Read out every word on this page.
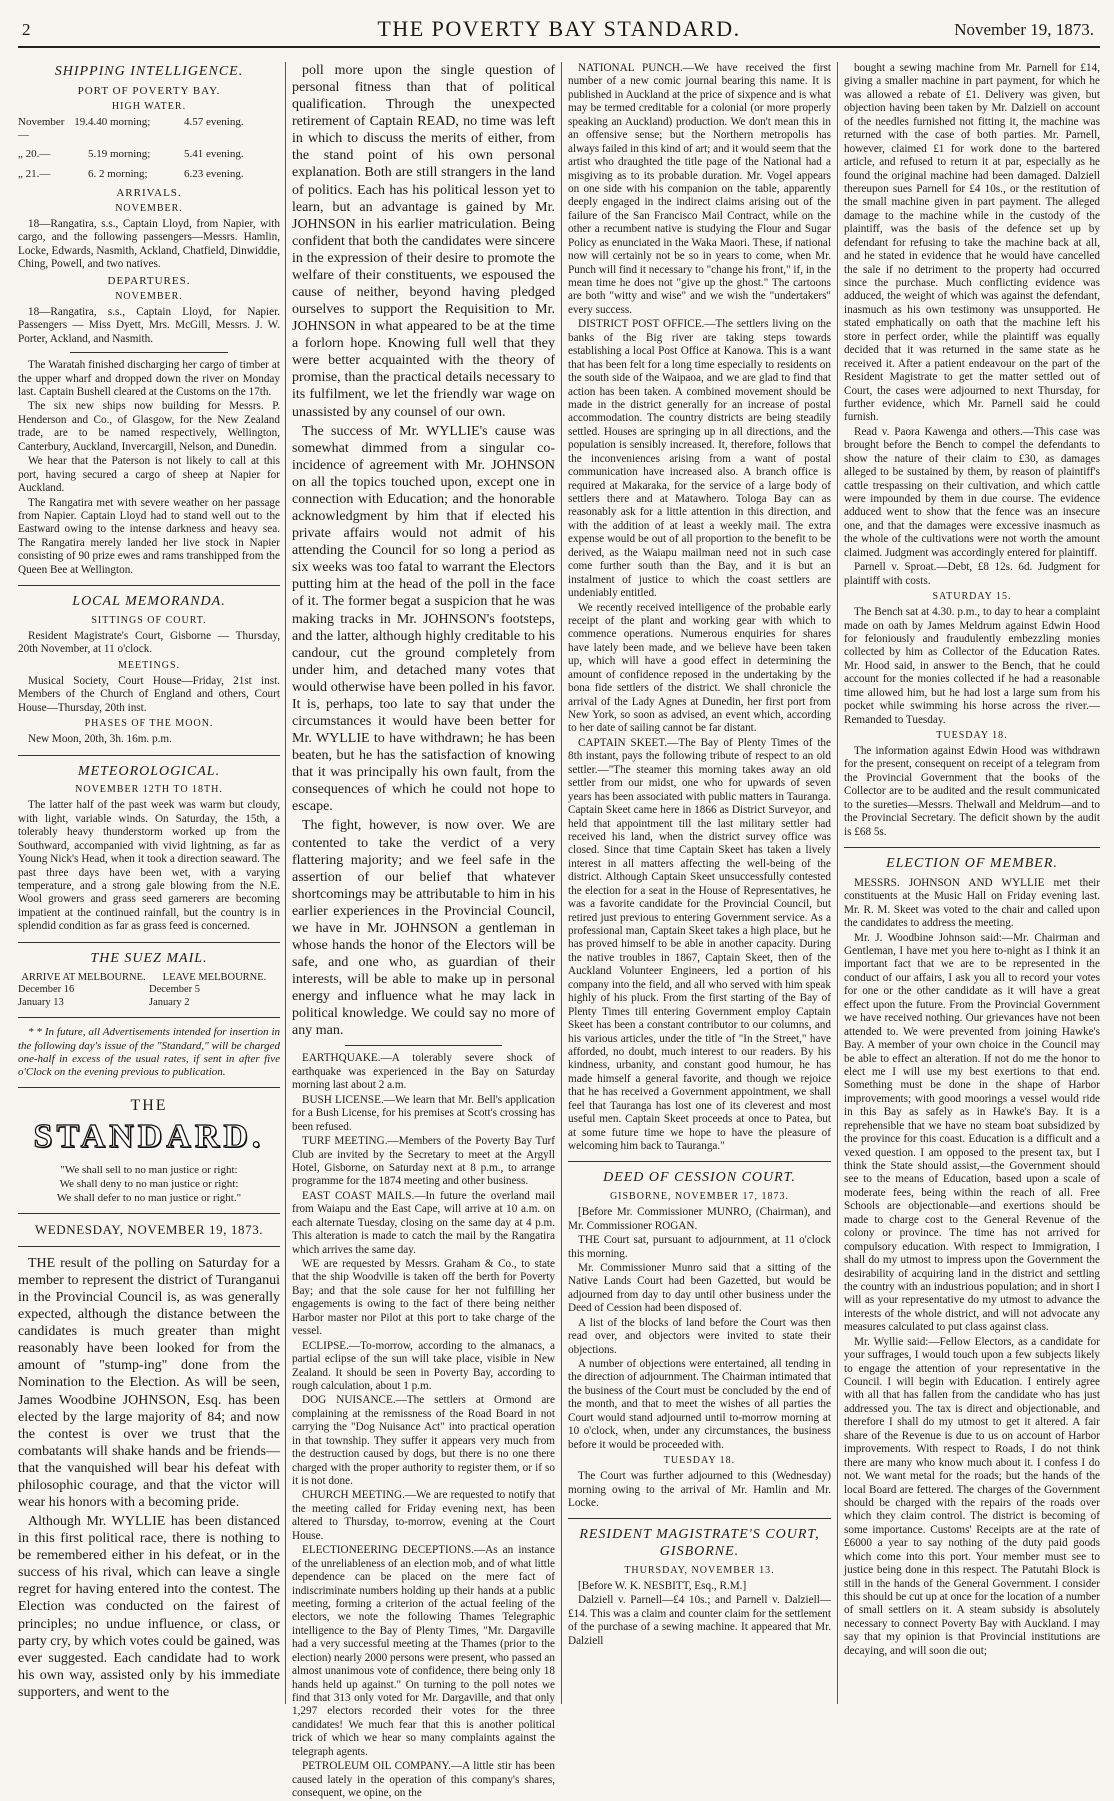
2	THE POVERTY BAY STANDARD.	November 19, 1873.
SHIPPING INTELLIGENCE.
PORT OF POVERTY BAY.
HIGH WATER.
November 19.—
4.40 morning;	4.57 evening.
„ 20.—	5.19 morning;	5.41 evening.
„ 21.—	6. 2 morning;	6.23 evening.
ARRIVALS.
NOVEMBER.

18—Rangatira, s.s., Captain Lloyd, from Napier, with cargo, and the following passengers—Messrs. Hamlin, Locke, Edwards, Nasmith, Ackland, Chatfield, Dinwiddie, Ching, Powell, and two natives.

DEPARTURES.
NOVEMBER.

18—Rangatira, s.s., Captain Lloyd, for Napier. Passengers — Miss Dyett, Mrs. McGill, Messrs. J. W. Porter, Ackland, and Nasmith.

The Waratah finished discharging her cargo of timber at the upper wharf and dropped down the river on Monday last. Captain Bushell cleared at the Customs on the 17th.

The six new ships now building for Messrs. P. Henderson and Co., of Glasgow, for the New Zealand trade, are to be named respectively, Wellington, Canterbury, Auckland, Invercargill, Nelson, and Dunedin.

We hear that the Paterson is not likely to call at this port, having secured a cargo of sheep at Napier for Auckland.

The Rangatira met with severe weather on her passage from Napier. Captain Lloyd had to stand well out to the Eastward owing to the intense darkness and heavy sea. The Rangatira merely landed her live stock in Napier consisting of 90 prize ewes and rams transhipped from the Queen Bee at Wellington.

LOCAL MEMORANDA.
SITTINGS OF COURT.

Resident Magistrate's Court, Gisborne — Thursday, 20th November, at 11 o'clock.

MEETINGS.

Musical Society, Court House—Friday, 21st inst. Members of the Church of England and others, Court House—Thursday, 20th inst.

PHASES OF THE MOON.

New Moon, 20th, 3h. 16m. p.m.

METEOROLOGICAL.
NOVEMBER 12TH TO 18TH.

The latter half of the past week was warm but cloudy, with light, variable winds. On Saturday, the 15th, a tolerably heavy thunderstorm worked up from the Southward, accompanied with vivid lightning, as far as Young Nick's Head, when it took a direction seaward. The past three days have been wet, with a varying temperature, and a strong gale blowing from the N.E. Wool growers and grass seed garnerers are becoming impatient at the continued rainfall, but the country is in splendid condition as far as grass feed is concerned.

THE SUEZ MAIL.
ARRIVE AT MELBOURNE.	LEAVE MELBOURNE.
December 16	December 5
January 13	January 2

* * In future, all Advertisements intended for insertion in the following day's issue of the "Standard," will be charged one-half in excess of the usual rates, if sent in after five o'Clock on the evening previous to publication.

THE
STANDARD.
"We shall sell to no man justice or right:
We shall deny to no man justice or right:
We shall defer to no man justice or right."
WEDNESDAY, NOVEMBER 19, 1873.

THE result of the polling on Saturday for a member to represent the district of Turanganui in the Provincial Council is, as was generally expected, although the distance between the candidates is much greater than might reasonably have been looked for from the amount of "stump-ing" done from the Nomination to the Election. As will be seen, James Woodbine JOHNSON, Esq. has been elected by the large majority of 84; and now the contest is over we trust that the combatants will shake hands and be friends—that the vanquished will bear his defeat with philosophic courage, and that the victor will wear his honors with a becoming pride.

Although Mr. WYLLIE has been distanced in this first political race, there is nothing to be remembered either in his defeat, or in the success of his rival, which can leave a single regret for having entered into the contest. The Election was conducted on the fairest of principles; no undue influence, or class, or party cry, by which votes could be gained, was ever suggested. Each candidate had to work his own way, assisted only by his immediate supporters, and went to the

poll more upon the single question of personal fitness than that of political qualification. Through the unexpected retirement of Captain READ, no time was left in which to discuss the merits of either, from the stand point of his own personal explanation. Both are still strangers in the land of politics. Each has his political lesson yet to learn, but an advantage is gained by Mr. JOHNSON in his earlier matriculation. Being confident that both the candidates were sincere in the expression of their desire to promote the welfare of their constituents, we espoused the cause of neither, beyond having pledged ourselves to support the Requisition to Mr. JOHNSON in what appeared to be at the time a forlorn hope. Knowing full well that they were better acquainted with the theory of promise, than the practical details necessary to its fulfilment, we let the friendly war wage on unassisted by any counsel of our own.

The success of Mr. WYLLIE's cause was somewhat dimmed from a singular co-incidence of agreement with Mr. JOHNSON on all the topics touched upon, except one in connection with Education; and the honorable acknowledgment by him that if elected his private affairs would not admit of his attending the Council for so long a period as six weeks was too fatal to warrant the Electors putting him at the head of the poll in the face of it. The former begat a suspicion that he was making tracks in Mr. JOHNSON's footsteps, and the latter, although highly creditable to his candour, cut the ground completely from under him, and detached many votes that would otherwise have been polled in his favor. It is, perhaps, too late to say that under the circumstances it would have been better for Mr. WYLLIE to have withdrawn; he has been beaten, but he has the satisfaction of knowing that it was principally his own fault, from the consequences of which he could not hope to escape.

The fight, however, is now over. We are contented to take the verdict of a very flattering majority; and we feel safe in the assertion of our belief that whatever shortcomings may be attributable to him in his earlier experiences in the Provincial Council, we have in Mr. JOHNSON a gentleman in whose hands the honor of the Electors will be safe, and one who, as guardian of their interests, will be able to make up in personal energy and influence what he may lack in political knowledge. We could say no more of any man.

EARTHQUAKE.—A tolerably severe shock of earthquake was experienced in the Bay on Saturday morning last about 2 a.m.

BUSH LICENSE.—We learn that Mr. Bell's application for a Bush License, for his premises at Scott's crossing has been refused.

TURF MEETING.—Members of the Poverty Bay Turf Club are invited by the Secretary to meet at the Argyll Hotel, Gisborne, on Saturday next at 8 p.m., to arrange programme for the 1874 meeting and other business.

EAST COAST MAILS.—In future the overland mail from Waiapu and the East Cape, will arrive at 10 a.m. on each alternate Tuesday, closing on the same day at 4 p.m. This alteration is made to catch the mail by the Rangatira which arrives the same day.

WE are requested by Messrs. Graham & Co., to state that the ship Woodville is taken off the berth for Poverty Bay; and that the sole cause for her not fulfilling her engagements is owing to the fact of there being neither Harbor master nor Pilot at this port to take charge of the vessel.

ECLIPSE.—To-morrow, according to the almanacs, a partial eclipse of the sun will take place, visible in New Zealand. It should be seen in Poverty Bay, according to rough calculation, about 1 p.m.

DOG NUISANCE.—The settlers at Ormond are complaining at the remissness of the Road Board in not carrying the "Dog Nuisance Act" into practical operation in that township. They suffer it appears very much from the destruction caused by dogs, but there is no one there charged with the proper authority to register them, or if so it is not done.

CHURCH MEETING.—We are requested to notify that the meeting called for Friday evening next, has been altered to Thursday, to-morrow, evening at the Court House.

ELECTIONEERING DECEPTIONS.—As an instance of the unreliableness of an election mob, and of what little dependence can be placed on the mere fact of indiscriminate numbers holding up their hands at a public meeting, forming a criterion of the actual feeling of the electors, we note the following Thames Telegraphic intelligence to the Bay of Plenty Times, "Mr. Dargaville had a very successful meeting at the Thames (prior to the election) nearly 2000 persons were present, who passed an almost unanimous vote of confidence, there being only 18 hands held up against." On turning to the poll notes we find that 313 only voted for Mr. Dargaville, and that only 1,297 electors recorded their votes for the three candidates! We much fear that this is another political trick of which we hear so many complaints against the telegraph agents.

PETROLEUM OIL COMPANY.—A little stir has been caused lately in the operation of this company's shares, consequent, we opine, on the

NATIONAL PUNCH.—We have received the first number of a new comic journal bearing this name. It is published in Auckland at the price of sixpence and is what may be termed creditable for a colonial (or more properly speaking an Auckland) production. We don't mean this in an offensive sense; but the Northern metropolis has always failed in this kind of art; and it would seem that the artist who draughted the title page of the National had a misgiving as to its probable duration. Mr. Vogel appears on one side with his companion on the table, apparently deeply engaged in the indirect claims arising out of the failure of the San Francisco Mail Contract, while on the other a recumbent native is studying the Flour and Sugar Policy as enunciated in the Waka Maori. These, if national now will certainly not be so in years to come, when Mr. Punch will find it necessary to "change his front," if, in the mean time he does not "give up the ghost." The cartoons are both "witty and wise" and we wish the "undertakers" every success.

DISTRICT POST OFFICE.—The settlers living on the banks of the Big river are taking steps towards establishing a local Post Office at Kanowa. This is a want that has been felt for a long time especially to residents on the south side of the Waipaoa, and we are glad to find that action has been taken. A combined movement should be made in the district generally for an increase of postal accommodation. The country districts are being steadily settled. Houses are springing up in all directions, and the population is sensibly increased. It, therefore, follows that the inconveniences arising from a want of postal communication have increased also. A branch office is required at Makaraka, for the service of a large body of settlers there and at Matawhero. Tologa Bay can as reasonably ask for a little attention in this direction, and with the addition of at least a weekly mail. The extra expense would be out of all proportion to the benefit to be derived, as the Waiapu mailman need not in such case come further south than the Bay, and it is but an instalment of justice to which the coast settlers are undeniably entitled.

We recently received intelligence of the probable early receipt of the plant and working gear with which to commence operations. Numerous enquiries for shares have lately been made, and we believe have been taken up, which will have a good effect in determining the amount of confidence reposed in the undertaking by the bona fide settlers of the district. We shall chronicle the arrival of the Lady Agnes at Dunedin, her first port from New York, so soon as advised, an event which, according to her date of sailing cannot be far distant.

CAPTAIN SKEET.—The Bay of Plenty Times of the 8th instant, pays the following tribute of respect to an old settler.—"The steamer this morning takes away an old settler from our midst, one who for upwards of seven years has been associated with public matters in Tauranga. Captain Skeet came here in 1866 as District Surveyor, and held that appointment till the last military settler had received his land, when the district survey office was closed. Since that time Captain Skeet has taken a lively interest in all matters affecting the well-being of the district. Although Captain Skeet unsuccessfully contested the election for a seat in the House of Representatives, he was a favorite candidate for the Provincial Council, but retired just previous to entering Government service. As a professional man, Captain Skeet takes a high place, but he has proved himself to be able in another capacity. During the native troubles in 1867, Captain Skeet, then of the Auckland Volunteer Engineers, led a portion of his company into the field, and all who served with him speak highly of his pluck. From the first starting of the Bay of Plenty Times till entering Government employ Captain Skeet has been a constant contributor to our columns, and his various articles, under the title of "In the Street," have afforded, no doubt, much interest to our readers. By his kindness, urbanity, and constant good humour, he has made himself a general favorite, and though we rejoice that he has received a Government appointment, we shall feel that Tauranga has lost one of its cleverest and most useful men. Captain Skeet proceeds at once to Patea, but at some future time we hope to have the pleasure of welcoming him back to Tauranga."

DEED OF CESSION COURT.
GISBORNE, NOVEMBER 17, 1873.

[Before Mr. Commissioner MUNRO, (Chairman), and Mr. Commissioner ROGAN.

THE Court sat, pursuant to adjournment, at 11 o'clock this morning.

Mr. Commissioner Munro said that a sitting of the Native Lands Court had been Gazetted, but would be adjourned from day to day until other business under the Deed of Cession had been disposed of.

A list of the blocks of land before the Court was then read over, and objectors were invited to state their objections.

A number of objections were entertained, all tending in the direction of adjournment. The Chairman intimated that the business of the Court must be concluded by the end of the month, and that to meet the wishes of all parties the Court would stand adjourned until to-morrow morning at 10 o'clock, when, under any circumstances, the business before it would be proceeded with.

TUESDAY 18.

The Court was further adjourned to this (Wednesday) morning owing to the arrival of Mr. Hamlin and Mr. Locke.

RESIDENT MAGISTRATE'S COURT, GISBORNE.
THURSDAY, NOVEMBER 13.

[Before W. K. NESBITT, Esq., R.M.]

Dalziell v. Parnell—£4 10s.; and Parnell v. Dalziell—£14. This was a claim and counter claim for the settlement of the purchase of a sewing machine. It appeared that Mr. Dalziell

bought a sewing machine from Mr. Parnell for £14, giving a smaller machine in part payment, for which he was allowed a rebate of £1. Delivery was given, but objection having been taken by Mr. Dalziell on account of the needles furnished not fitting it, the machine was returned with the case of both parties. Mr. Parnell, however, claimed £1 for work done to the bartered article, and refused to return it at par, especially as he found the original machine had been damaged. Dalziell thereupon sues Parnell for £4 10s., or the restitution of the small machine given in part payment. The alleged damage to the machine while in the custody of the plaintiff, was the basis of the defence set up by defendant for refusing to take the machine back at all, and he stated in evidence that he would have cancelled the sale if no detriment to the property had occurred since the purchase. Much conflicting evidence was adduced, the weight of which was against the defendant, inasmuch as his own testimony was unsupported. He stated emphatically on oath that the machine left his store in perfect order, while the plaintiff was equally decided that it was returned in the same state as he received it. After a patient endeavour on the part of the Resident Magistrate to get the matter settled out of Court, the cases were adjourned to next Thursday, for further evidence, which Mr. Parnell said he could furnish.

Read v. Paora Kawenga and others.—This case was brought before the Bench to compel the defendants to show the nature of their claim to £30, as damages alleged to be sustained by them, by reason of plaintiff's cattle trespassing on their cultivation, and which cattle were impounded by them in due course. The evidence adduced went to show that the fence was an insecure one, and that the damages were excessive inasmuch as the whole of the cultivations were not worth the amount claimed. Judgment was accordingly entered for plaintiff.

Parnell v. Sproat.—Debt, £8 12s. 6d. Judgment for plaintiff with costs.

SATURDAY 15.

The Bench sat at 4.30. p.m., to day to hear a complaint made on oath by James Meldrum against Edwin Hood for feloniously and fraudulently embezzling monies collected by him as Collector of the Education Rates. Mr. Hood said, in answer to the Bench, that he could account for the monies collected if he had a reasonable time allowed him, but he had lost a large sum from his pocket while swimming his horse across the river.—Remanded to Tuesday.

TUESDAY 18.

The information against Edwin Hood was withdrawn for the present, consequent on receipt of a telegram from the Provincial Government that the books of the Collector are to be audited and the result communicated to the sureties—Messrs. Thelwall and Meldrum—and to the Provincial Secretary. The deficit shown by the audit is £68 5s.

ELECTION OF MEMBER.

MESSRS. JOHNSON AND WYLLIE met their constituents at the Music Hall on Friday evening last. Mr. R. M. Skeet was voted to the chair and called upon the candidates to address the meeting.

Mr. J. Woodbine Johnson said:—Mr. Chairman and Gentleman, I have met you here to-night as I think it an important fact that we are to be represented in the conduct of our affairs, I ask you all to record your votes for one or the other candidate as it will have a great effect upon the future. From the Provincial Government we have received nothing. Our grievances have not been attended to. We were prevented from joining Hawke's Bay. A member of your own choice in the Council may be able to effect an alteration. If not do me the honor to elect me I will use my best exertions to that end. Something must be done in the shape of Harbor improvements; with good moorings a vessel would ride in this Bay as safely as in Hawke's Bay. It is a reprehensible that we have no steam boat subsidized by the province for this coast. Education is a difficult and a vexed question. I am opposed to the present tax, but I think the State should assist,—the Government should see to the means of Education, based upon a scale of moderate fees, being within the reach of all. Free Schools are objectionable—and exertions should be made to charge cost to the General Revenue of the colony or province. The time has not arrived for compulsory education. With respect to Immigration, I shall do my utmost to impress upon the Government the desirability of acquiring land in the district and settling the country with an industrious population; and in short I will as your representative do my utmost to advance the interests of the whole district, and will not advocate any measures calculated to put class against class.

Mr. Wyllie said:—Fellow Electors, as a candidate for your suffrages, I would touch upon a few subjects likely to engage the attention of your representative in the Council. I will begin with Education. I entirely agree with all that has fallen from the candidate who has just addressed you. The tax is direct and objectionable, and therefore I shall do my utmost to get it altered. A fair share of the Revenue is due to us on account of Harbor improvements. With respect to Roads, I do not think there are many who know much about it. I confess I do not. We want metal for the roads; but the hands of the local Board are fettered. The charges of the Government should be charged with the repairs of the roads over which they claim control. The district is becoming of some importance. Customs' Receipts are at the rate of £6000 a year to say nothing of the duty paid goods which come into this port. Your member must see to justice being done in this respect. The Patutahi Block is still in the hands of the General Government. I consider this should be cut up at once for the location of a number of small settlers on it. A steam subsidy is absolutely necessary to connect Poverty Bay with Auckland. I may say that my opinion is that Provincial institutions are decaying, and will soon die out;
